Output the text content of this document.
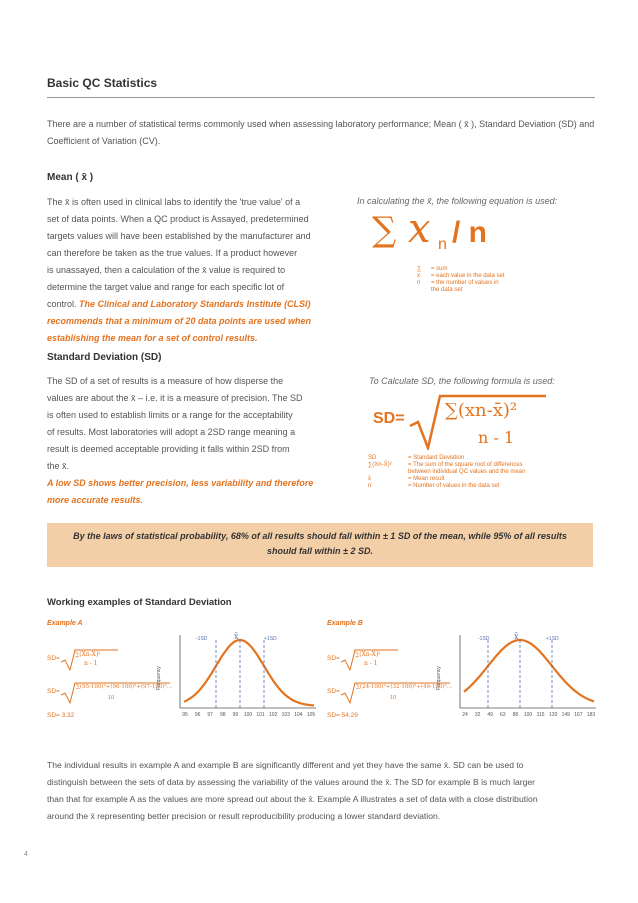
Basic QC Statistics
There are a number of statistical terms commonly used when assessing laboratory performance; Mean ( x̄ ), Standard Deviation (SD) and Coefficient of Variation (CV).
Mean ( x̄ )
The x̄ is often used in clinical labs to identify the 'true value' of a
set of data points. When a QC product is Assayed, predetermined
targets values will have been established by the manufacturer and
can therefore be taken as the true values. If a product however
is unassayed, then a calculation of the x̄ value is required to
determine the target value and range for each specific lot of
control. The Clinical and Laboratory Standards Institute (CLSI)
recommends that a minimum of 20 data points are used when
establishing the mean for a set of control results.
In calculating the x̄, the following equation is used:
∑ x n / n
∑ = sum
x = each value in the data set
n = the number of values in
the data set
Standard Deviation (SD)
The SD of a set of results is a measure of how disperse the
values are about the x̄ – i.e. it is a measure of precision. The SD
is often used to establish limits or a range for the acceptability
of results. Most laboratories will adopt a 2SD range meaning a
result is deemed acceptable providing it falls within 2SD from
the x̄.
A low SD shows better precision, less variability and therefore
more accurate results.
To Calculate SD, the following formula is used:
SD= ∑(xn-x̄)²
n - 1
SD	= Standard Deviation
∑(Xn-X̄)²	= The sum of the square root of differences
between individual QC values and the mean
x̄	= Mean result
n	= Number of values in the data set
By the laws of statistical probability, 68% of all results should fall within ± 1 SD of the mean, while 95% of all results should fall within ± 2 SD.
Working examples of Standard Deviation
Example A
SD=
∑(Xn-X̄)²
n - 1
SD=
∑(95-100)²+(96-100)²+(97-100)²...
10
SD= 3.32	95 96 97 98 99 100 101 102 103 104 105
-1SD	x̄	+1SD
Frequency
Example B
SD=
∑(Xn-X̄)²
n - 1
SD=
∑(24-100)²+(32-100)²+(49-100)²...
10
SD= 54.29	24 32 49 63 88 100 115 130 149 167 183
-1SD	x̄	+1SD
Frequency
The individual results in example A and example B are significantly different and yet they have the same x̄. SD can be used to
distinguish between the sets of data by assessing the variability of the values around the x̄. The SD for example B is much larger
than that for example A as the values are more spread out about the x̄. Example A illustrates a set of data with a close distribution
around the x̄ representing better precision or result reproducibility producing a lower standard deviation.
4
